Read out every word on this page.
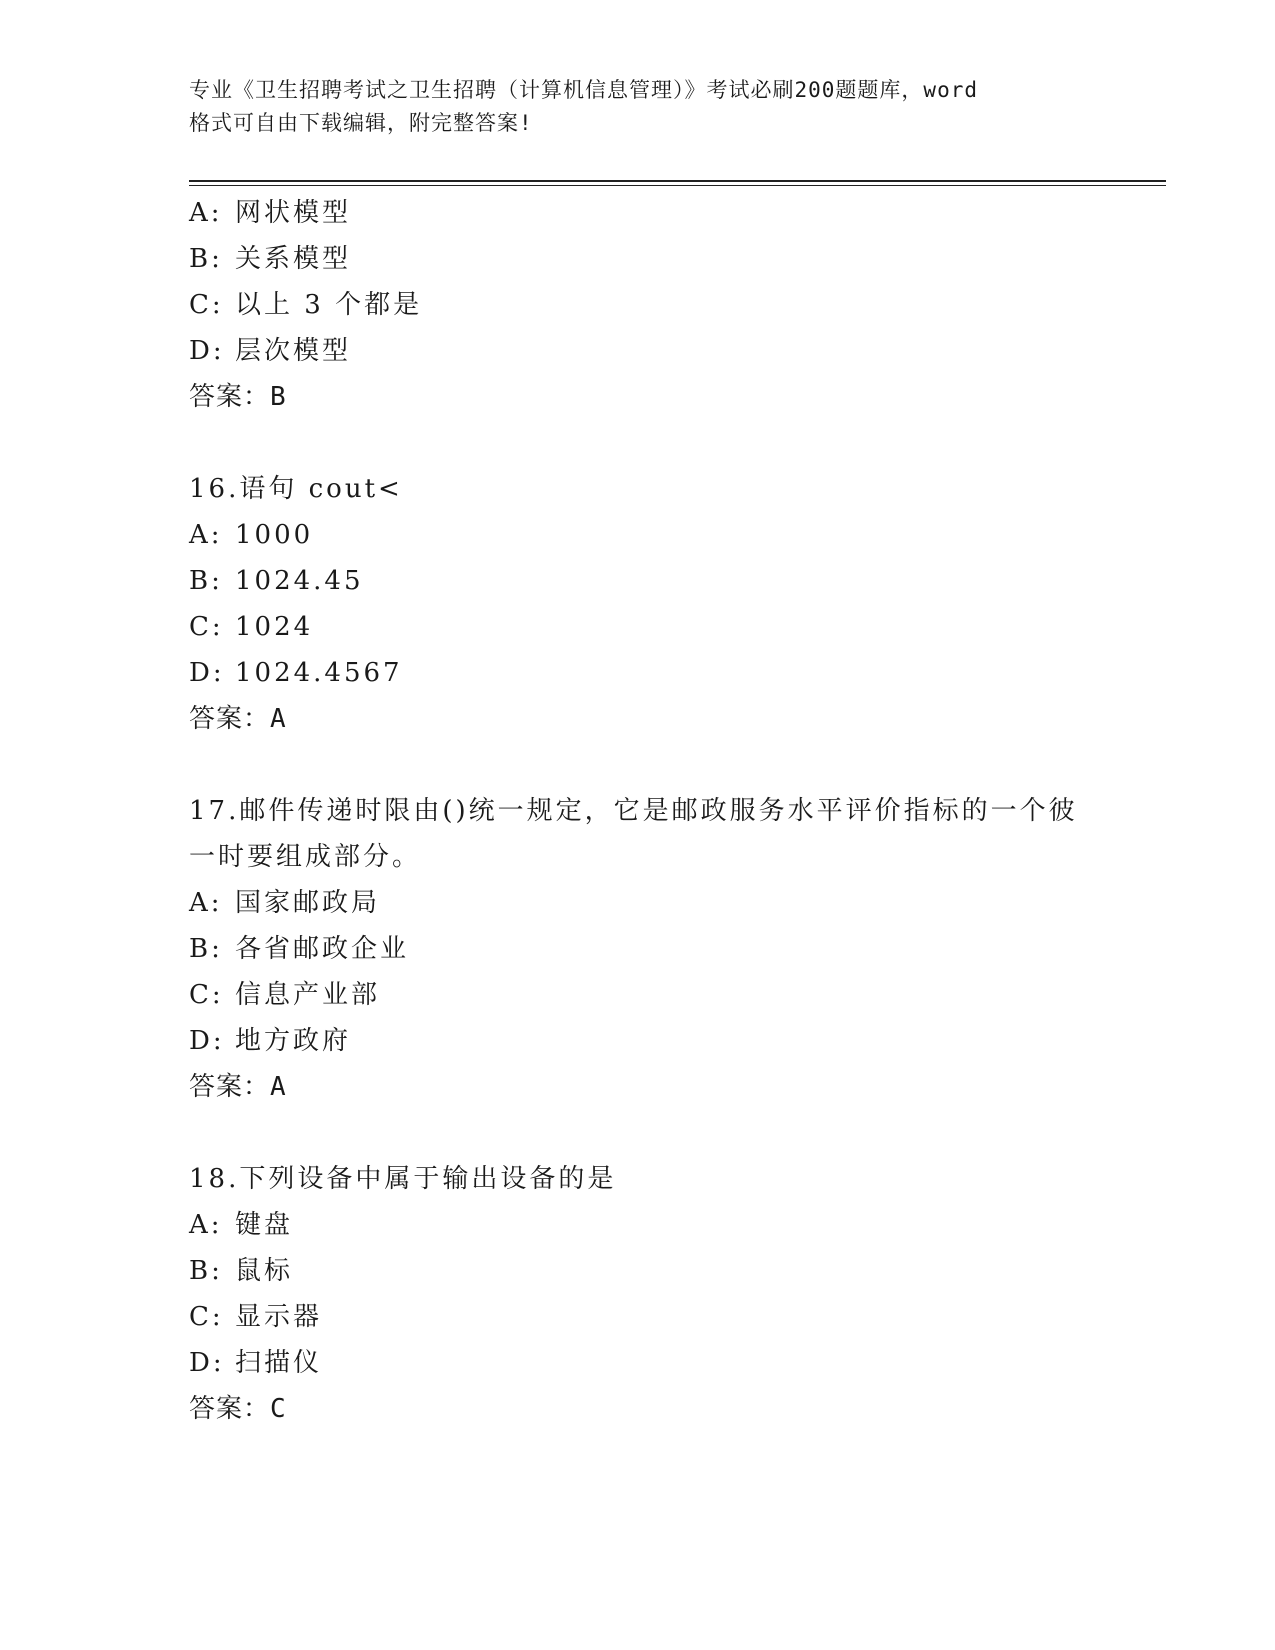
专业《卫生招聘考试之卫生招聘（计算机信息管理）》考试必刷200题题库，word
格式可自由下载编辑，附完整答案!
A: 网状模型
B: 关系模型
C: 以上 3 个都是
D: 层次模型
答案：B
16.语句 cout<
A: 1000
B: 1024.45
C: 1024
D: 1024.4567
答案：A
17.邮件传递时限由()统一规定，它是邮政服务水平评价指标的一个彼
一时要组成部分。
A: 国家邮政局
B: 各省邮政企业
C: 信息产业部
D: 地方政府
答案：A
18.下列设备中属于输出设备的是
A: 键盘
B: 鼠标
C: 显示器
D: 扫描仪
答案：C
